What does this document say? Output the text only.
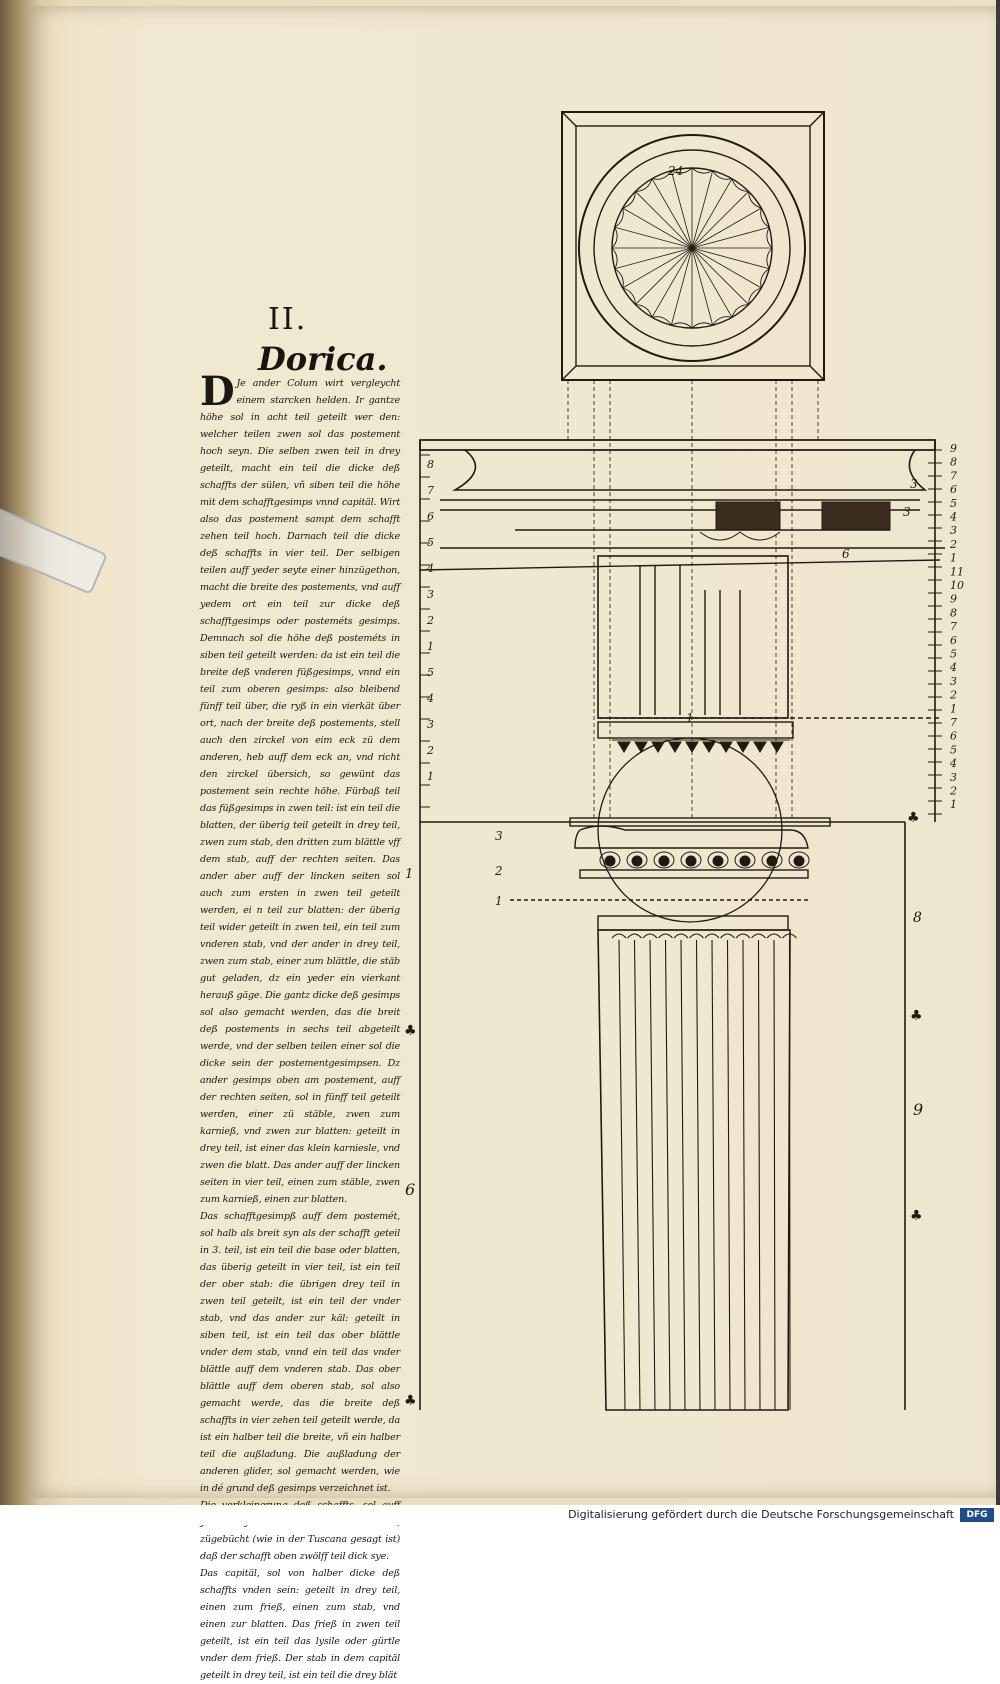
II.
Dorica.
D Je ander Colum wirt vergleycht einem starcken helden. Ir gantze höhe sol in acht teil geteilt wer den: welcher teilen zwen sol das postement hoch seyn. Die selben zwen teil in drey geteilt, macht ein teil die dicke deß schaffts der sülen, vñ siben teil die höhe mit dem schafftgesimps vnnd capitäl. Wirt also das postement sampt dem schafft zehen teil hoch. Darnach teil die dicke deß schaffts in vier teil. Der selbigen teilen auff yeder seyte einer hinzügethon, macht die breite des postements, vnd auff yedem ort ein teil zur dicke deß schafftgesimps oder posteméts gesimps. Demnach sol die höhe deß posteméts in siben teil geteilt werden: da ist ein teil die breite deß vnderen füßgesimps, vnnd ein teil zum oberen gesimps: also bleibend fünff teil über, die ryß in ein vierkät über ort, nach der breite deß postements, stell auch den zirckel von eim eck zü dem anderen, heb auff dem eck an, vnd richt den zirckel übersich, so gewünt das postement sein rechte höhe. Fürbaß teil das füßgesimps in zwen teil: ist ein teil die blatten, der überig teil geteilt in drey teil, zwen zum stab, den dritten zum blättle vff dem stab, auff der rechten seiten. Das ander aber auff der lincken seiten sol auch zum ersten in zwen teil geteilt werden, ei n teil zur blatten: der überig teil wider geteilt in zwen teil, ein teil zum vnderen stab, vnd der ander in drey teil, zwen zum stab, einer zum blättle, die stäb gut geladen, dz ein yeder ein vierkant herauß gäge. Die gantz dicke deß gesimps sol also gemacht werden, das die breit deß postements in sechs teil abgeteilt werde, vnd der selben teilen einer sol die dicke sein der postementgesimpsen. Dz ander gesimps oben am postement, auff der rechten seiten, sol in fünff teil geteilt werden, einer zü stäble, zwen zum karnieß, vnd zwen zur blatten: geteilt in drey teil, ist einer das klein karniesle, vnd zwen die blatt. Das ander auff der lincken seiten in vier teil, einen zum stäble, zwen zum karnieß, einen zur blatten.

Das schafftgesimpß auff dem postemét, sol halb als breit syn als der schafft geteil in 3. teil, ist ein teil die base oder blatten, das überig geteilt in vier teil, ist ein teil der ober stab: die übrigen drey teil in zwen teil geteilt, ist ein teil der vnder stab, vnd das ander zur käl: geteilt in siben teil, ist ein teil das ober blättle vnder dem stab, vnnd ein teil das vnder blättle auff dem vnderen stab. Das ober blättle auff dem oberen stab, sol also gemacht werde, das die breite deß schaffts in vier zehen teil geteilt werde, da ist ein halber teil die breite, vñ ein halber teil die außladung. Die außladung der anderen glider, sol gemacht werden, wie in dé grund deß gesimps verzeichnet ist.

zügebücht (wie in der Tuscana gesagt ist) daß der schafft oben zwölff teil dick sye.

Das capitäl, sol von halber dicke deß schaffts vnden sein: geteilt in drey teil, einen zum frieß, einen zum stab, vnd einen zur blatten. Das frieß in zwen teil geteilt, ist ein teil das lysile oder gürtle vnder dem frieß. Der stab in dem capitäl geteilt in drey teil, ist ein teil die drey blät

24
1
6
8
9
3
3
6
3
2
1
1
9
8
7
6
5
4
3
2
1
11
10
9
8
7
6
5
4
3
2
1
7
6
5
4
3
2
1
8
7
6
5
4
3
2
1
5
4
3
2
1
♣
♣
♣
♣
♣
Digitalisierung gefördert durch die Deutsche Forschungsgemeinschaft	DFG
